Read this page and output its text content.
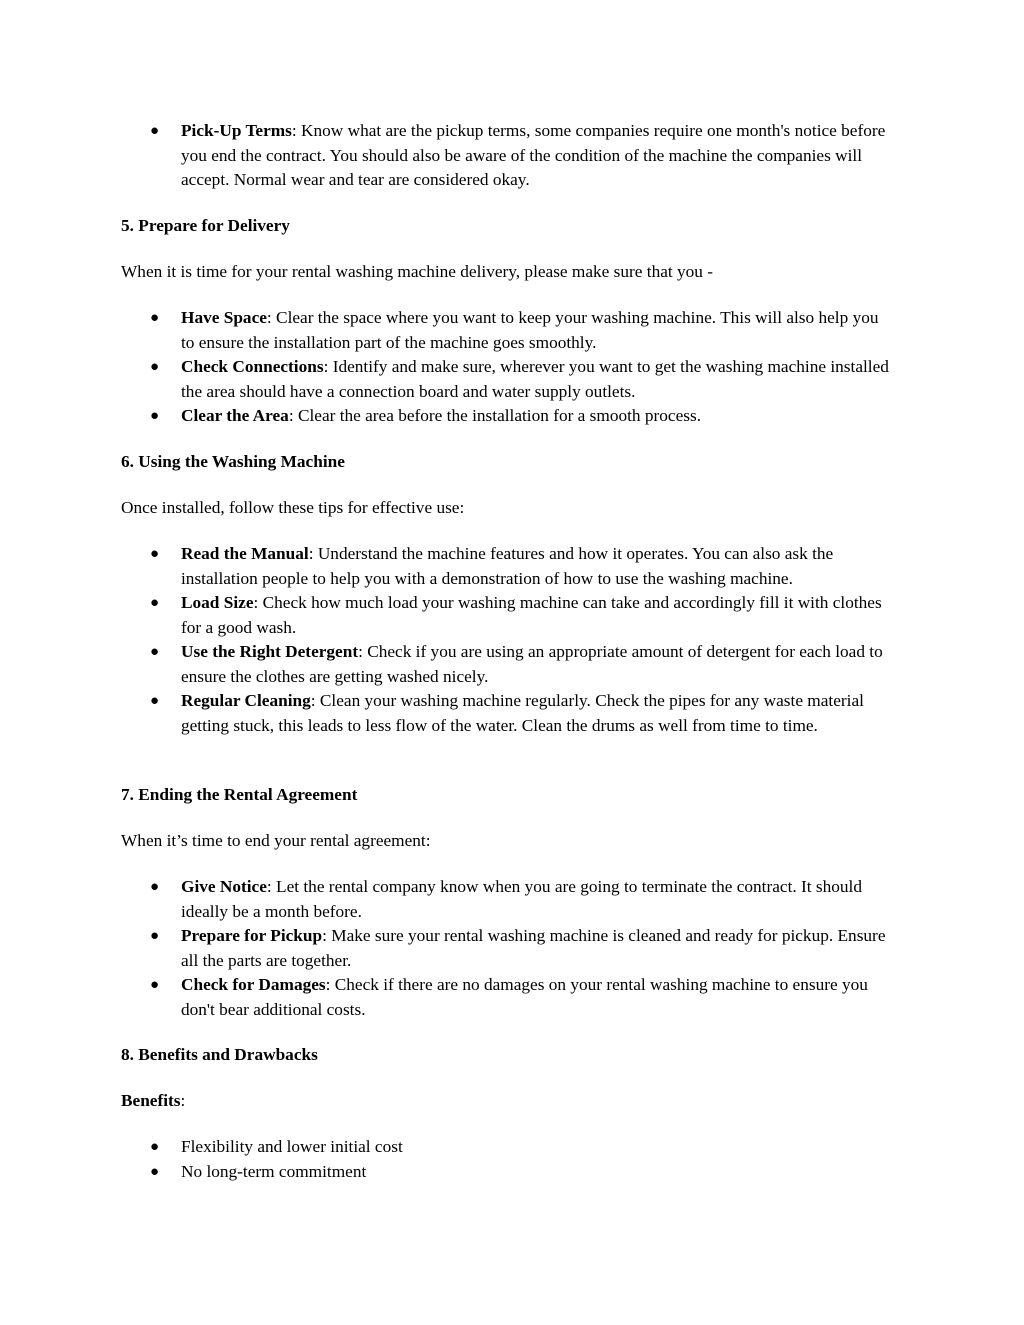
● Pick-Up Terms: Know what are the pickup terms, some companies require one month's notice before you end the contract. You should also be aware of the condition of the machine the companies will accept. Normal wear and tear are considered okay.
5. Prepare for Delivery
When it is time for your rental washing machine delivery, please make sure that you -
● Have Space: Clear the space where you want to keep your washing machine. This will also help you to ensure the installation part of the machine goes smoothly.
● Check Connections: Identify and make sure, wherever you want to get the washing machine installed the area should have a connection board and water supply outlets.
● Clear the Area: Clear the area before the installation for a smooth process.
6. Using the Washing Machine
Once installed, follow these tips for effective use:
● Read the Manual: Understand the machine features and how it operates. You can also ask the installation people to help you with a demonstration of how to use the washing machine.
● Load Size: Check how much load your washing machine can take and accordingly fill it with clothes for a good wash.
● Use the Right Detergent: Check if you are using an appropriate amount of detergent for each load to ensure the clothes are getting washed nicely.
● Regular Cleaning: Clean your washing machine regularly. Check the pipes for any waste material getting stuck, this leads to less flow of the water. Clean the drums as well from time to time.
7. Ending the Rental Agreement
When it’s time to end your rental agreement:
● Give Notice: Let the rental company know when you are going to terminate the contract. It should ideally be a month before.
● Prepare for Pickup: Make sure your rental washing machine is cleaned and ready for pickup. Ensure all the parts are together.
● Check for Damages: Check if there are no damages on your rental washing machine to ensure you don't bear additional costs.
8. Benefits and Drawbacks
Benefits:
● Flexibility and lower initial cost
● No long-term commitment
